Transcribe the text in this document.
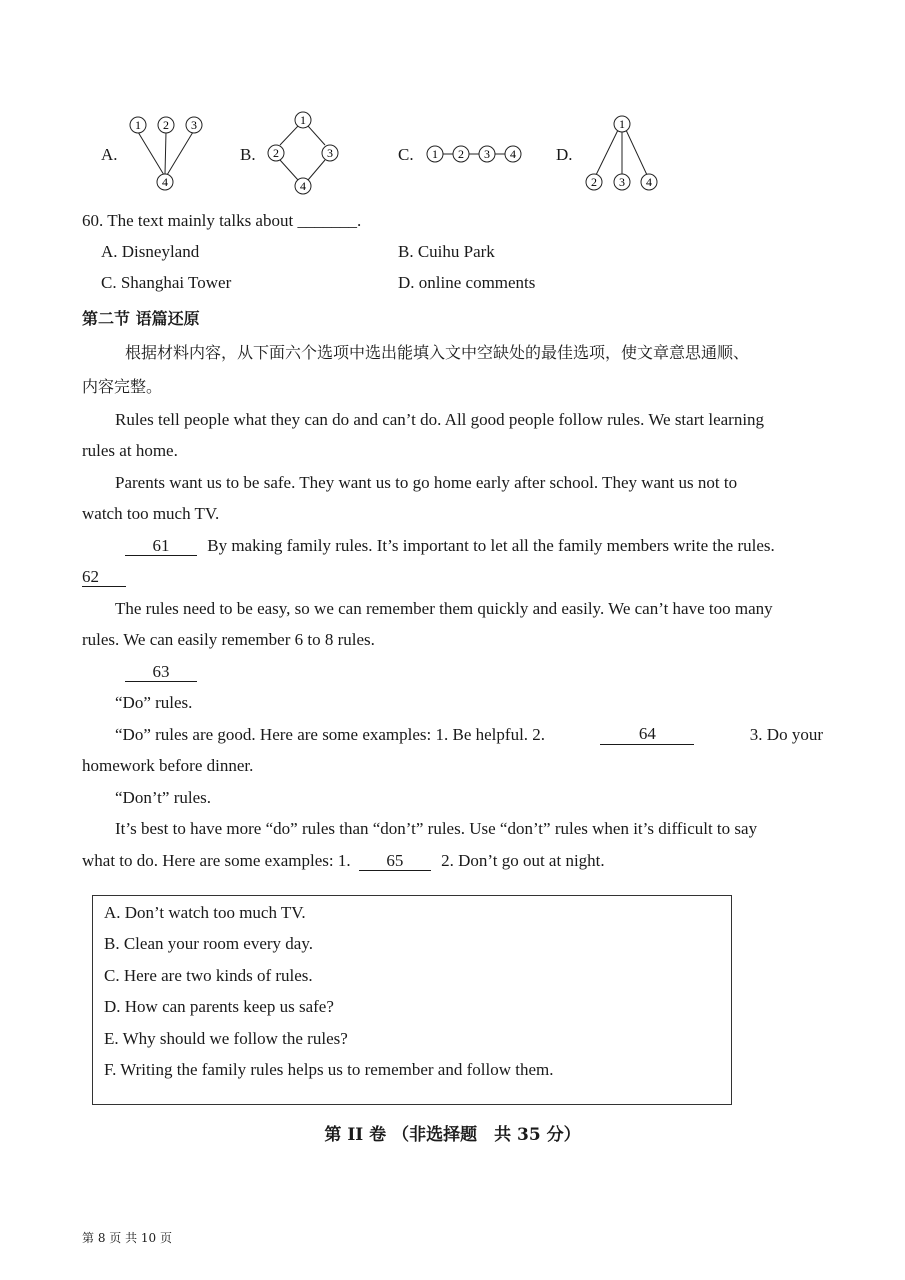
A.
1 2 3
4
B.
1
2	3
4
C. 1 2 3 4 D.
1
2 3 4
60. The text mainly talks about _______.
A. Disneyland	B. Cuihu Park
C. Shanghai Tower	D. online comments
第二节 语篇还原
根据材料内容，从下面六个选项中选出能填入文中空缺处的最佳选项，使文章意思通顺、
内容完整。
Rules tell people what they can do and can’t do. All good people follow rules. We start learning
rules at home.
Parents want us to be safe. They want us to go home early after school. They want us not to
watch too much TV.
61 By making family rules. It’s important to let all the family members write the rules.
62
The rules need to be easy, so we can remember them quickly and easily. We can’t have too many
rules. We can easily remember 6 to 8 rules.
63
“Do” rules.
“Do” rules are good. Here are some examples: 1. Be helpful. 2.	64	3. Do your
homework before dinner.
“Don’t” rules.
It’s best to have more “do” rules than “don’t” rules. Use “don’t” rules when it’s difficult to say
what to do. Here are some examples: 1. 65 2. Don’t go out at night.
A. Don’t watch too much TV.
B. Clean your room every day.
C. Here are two kinds of rules.
D. How can parents keep us safe?
E. Why should we follow the rules?
F. Writing the family rules helps us to remember and follow them.
第 II 卷 （非选择题　共 35 分）
第 8 页 共 10 页
